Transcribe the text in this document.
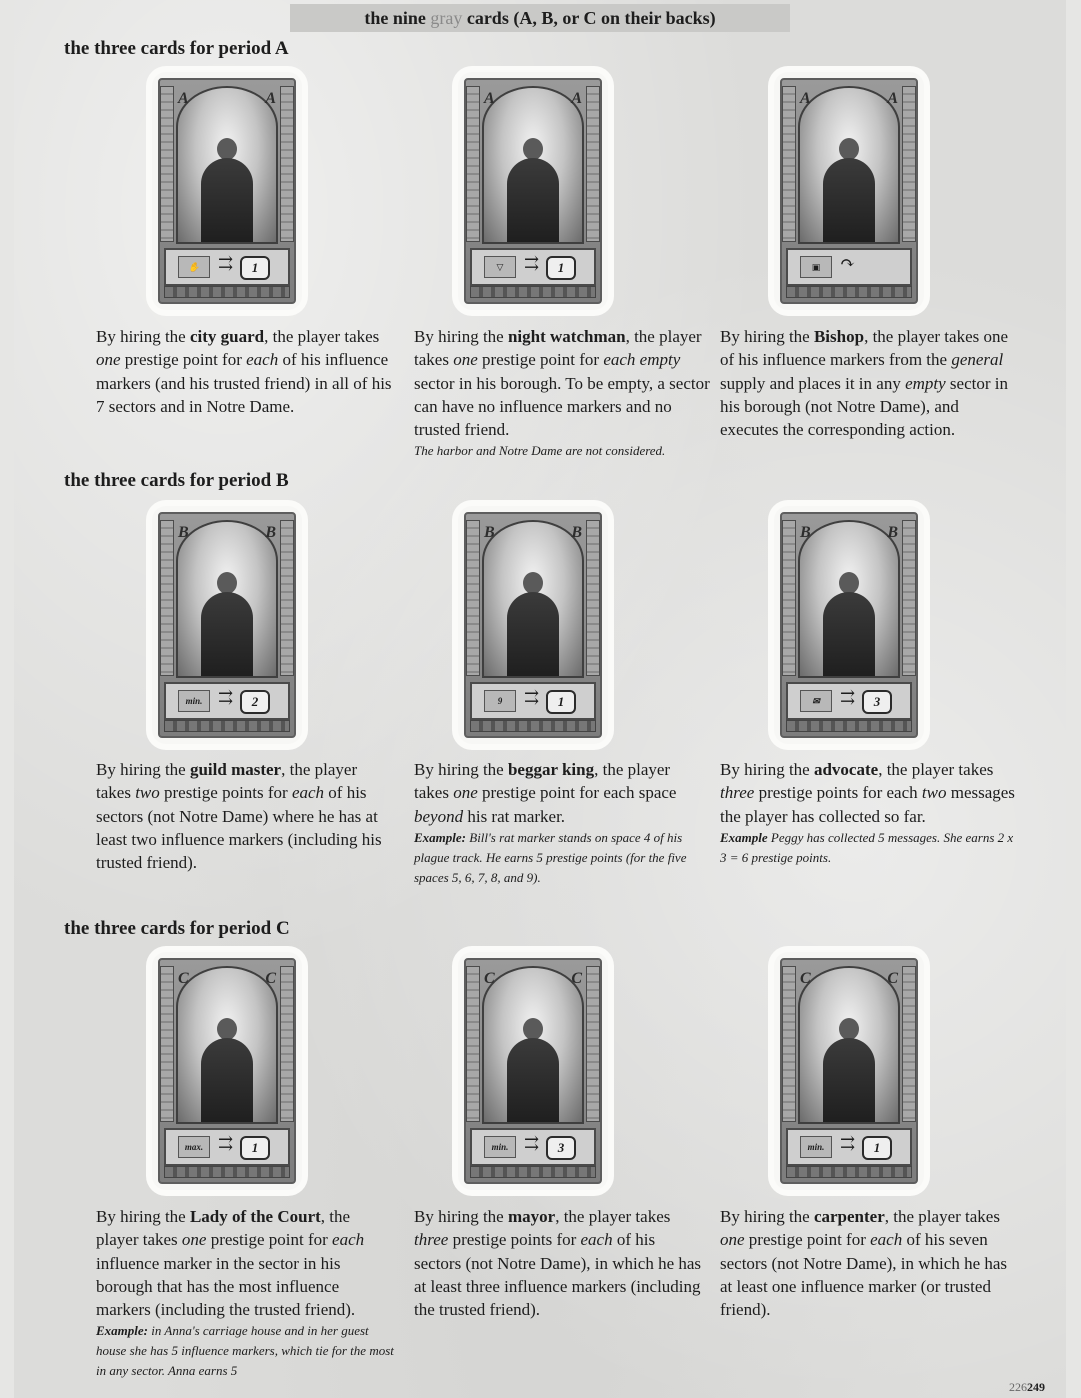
the nine gray cards (A, B, or C on their backs)
the three cards for period A
the three cards for period B
the three cards for period C
A	A
✋	⇉	1
A	A
▽	⇉	1
A	A
▣	↷

By hiring the city guard, the player takes one prestige point for each of his influence markers (and his trusted friend) in all of his 7 sectors and in Notre Dame.

By hiring the night watchman, the player takes one prestige point for each empty sector in his borough. To be empty, a sector can have no influence markers and no trusted friend.

The harbor and Notre Dame are not considered.

By hiring the Bishop, the player takes one of his influence markers from the general supply and places it in any empty sector in his borough (not Notre Dame), and executes the corresponding action.

B	B
min. ⇉	2
B	B
9	⇉	1
B	B
✉	⇉	3

By hiring the guild master, the player takes two prestige points for each of his sectors (not Notre Dame) where he has at least two influence markers (including his trusted friend).

By hiring the beggar king, the player takes one prestige point for each space beyond his rat marker.

Example: Bill's rat marker stands on space 4 of his plague track. He earns 5 prestige points (for the five spaces 5, 6, 7, 8, and 9).

By hiring the advocate, the player takes three prestige points for each two messages the player has collected so far.

Example Peggy has collected 5 messages. She earns 2 x 3 = 6 prestige points.

C	C
max. ⇉	1
C	C
min. ⇉	3
C	C
min. ⇉	1

By hiring the Lady of the Court, the player takes one prestige point for each influence marker in the sector in his borough that has the most influence markers (including the trusted friend).

Example: in Anna's carriage house and in her guest house she has 5 influence markers, which tie for the most in any sector. Anna earns 5

By hiring the mayor, the player takes three prestige points for each of his sectors (not Notre Dame), in which he has at least three influence markers (including the trusted friend).

By hiring the carpenter, the player takes one prestige point for each of his seven sectors (not Notre Dame), in which he has at least one influence marker (or trusted friend).

226249
